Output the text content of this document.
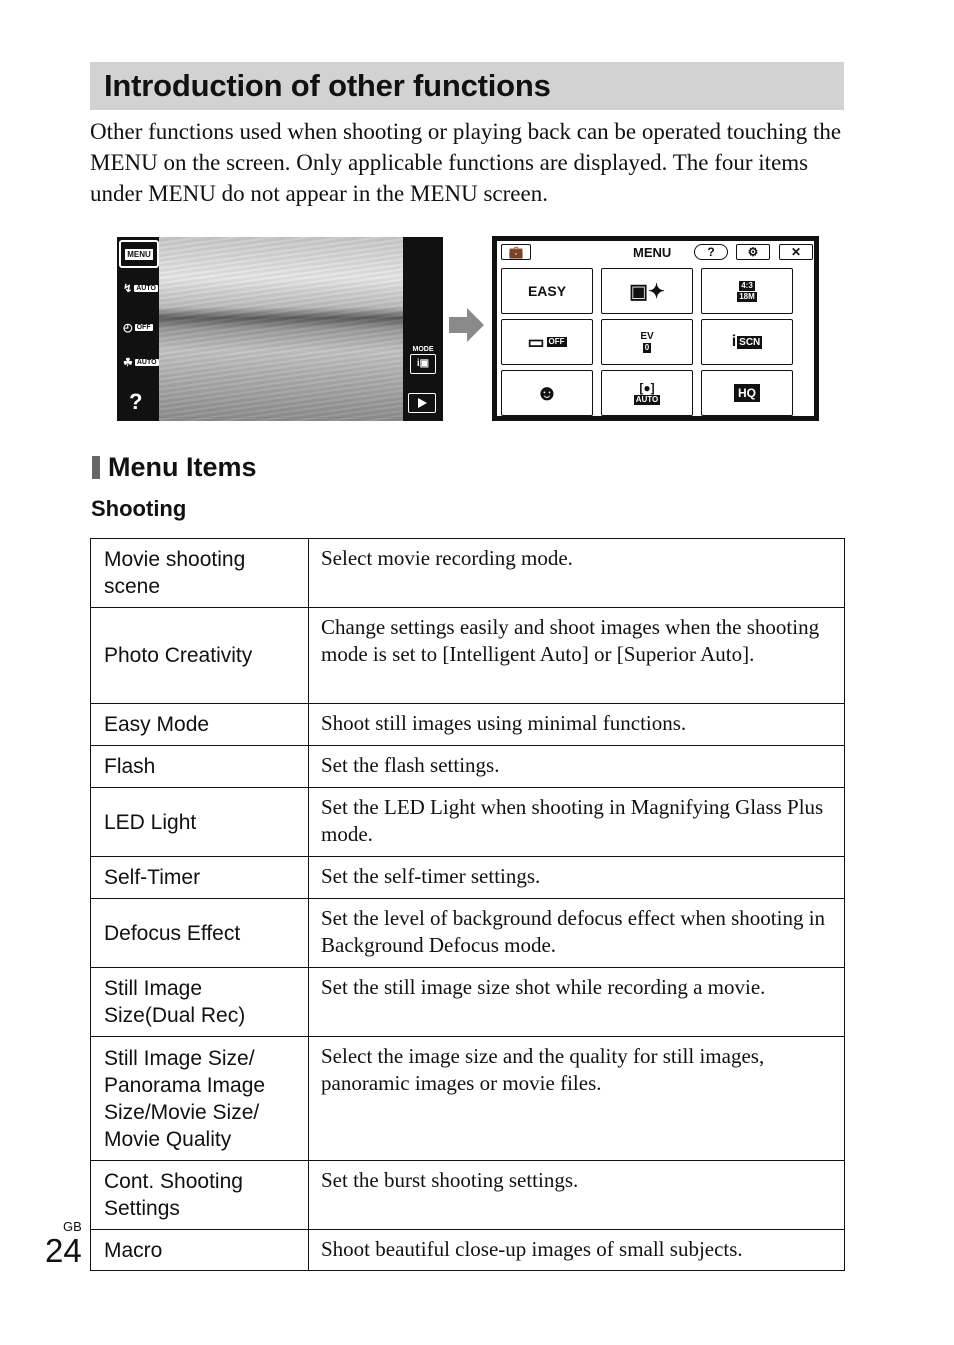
Introduction of other functions

Other functions used when shooting or playing back can be operated touching the MENU on the screen. Only applicable functions are displayed. The four items under MENU do not appear in the MENU screen.

MENU
↯ AUTO
◴ OFF
☘ AUTO
?
MODE
i▣
💼	MENU	?	⚙	✕
EASY	▣✦	4:3
18M
▭ OFF	EV
0	i SCN
☻	[●]
AUTO	HQ
Menu Items
Shooting
Movie shooting scene	Select movie recording mode.
Photo Creativity	Change settings easily and shoot images when the shooting mode is set to [Intelligent Auto] or [Superior Auto].
Easy Mode	Shoot still images using minimal functions.
Flash	Set the flash settings.
LED Light	Set the LED Light when shooting in Magnifying Glass Plus mode.
Self-Timer	Set the self-timer settings.
Defocus Effect	Set the level of background defocus effect when shooting in Background Defocus mode.
Still Image Size(Dual Rec)	Set the still image size shot while recording a movie.
Still Image Size/ Panorama Image Size/Movie Size/ Movie Quality	Select the image size and the quality for still images, panoramic images or movie files.
Cont. Shooting Settings	Set the burst shooting settings.
Macro	Shoot beautiful close-up images of small subjects.
GB
24
